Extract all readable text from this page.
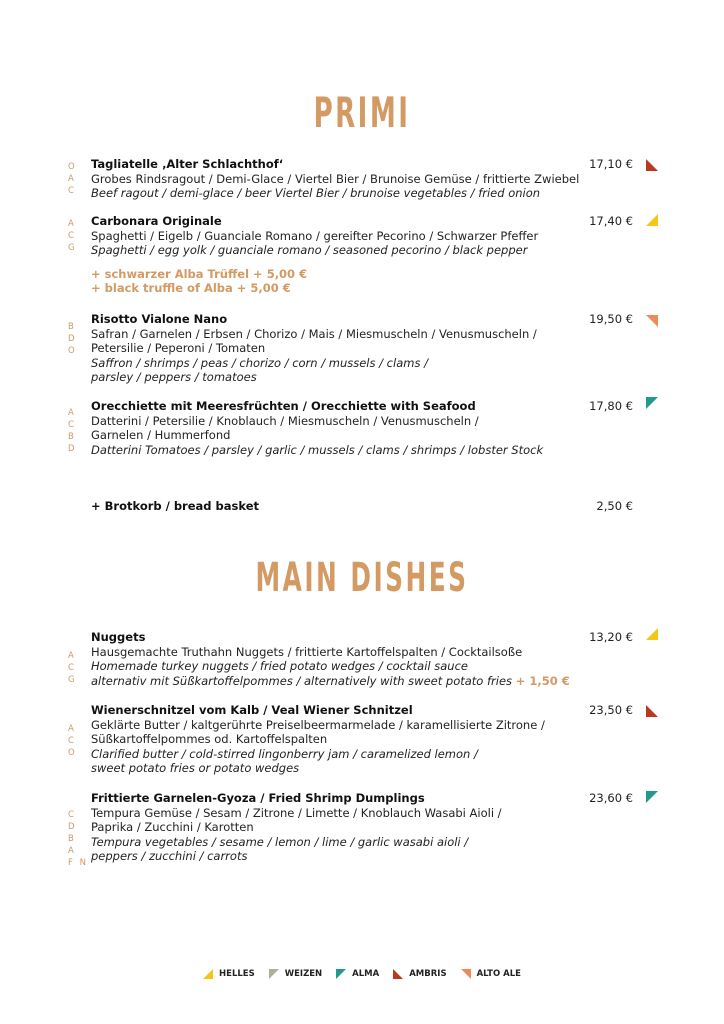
PRIMI
O A
C
Tagliatelle ‚Alter Schlachthof‘
Grobes Rindsragout / Demi-Glace / Viertel Bier / Brunoise Gemüse / frittierte Zwiebel
Beef ragout / demi-glace / beer Viertel Bier / brunoise vegetables / fried onion
17,10 €
A C
G
Carbonara Originale
Spaghetti / Eigelb / Guanciale Romano / gereifter Pecorino / Schwarzer Pfeffer
Spaghetti / egg yolk / guanciale romano / seasoned pecorino / black pepper
+ schwarzer Alba Trüffel + 5,00 €
+ black truffle of Alba + 5,00 €
17,40 €
B D
O
Risotto Vialone Nano
Safran / Garnelen / Erbsen / Chorizo / Mais / Miesmuscheln / Venusmuscheln /
Petersilie / Peperoni / Tomaten
Saffron / shrimps / peas / chorizo / corn / mussels / clams /
parsley / peppers / tomatoes
19,50 €
A C
B D
Orecchiette mit Meeresfrüchten / Orecchiette with Seafood
Datterini / Petersilie / Knoblauch / Miesmuscheln / Venusmuscheln /
Garnelen / Hummerfond
Datterini Tomatoes / parsley / garlic / mussels / clams / shrimps / lobster Stock
17,80 €
+ Brotkorb / bread basket	2,50 €
MAIN DISHES
A C
G
Nuggets
Hausgemachte Truthahn Nuggets / frittierte Kartoffelspalten / Cocktailsoße
Homemade turkey nuggets / fried potato wedges / cocktail sauce
alternativ mit Süßkartoffelpommes / alternatively with sweet potato fries + 1,50 €
13,20 €
A C
O
Wienerschnitzel vom Kalb / Veal Wiener Schnitzel
Geklärte Butter / kaltgerührte Preiselbeermarmelade / karamellisierte Zitrone /
Süßkartoffelpommes od. Kartoffelspalten
Clarified butter / cold-stirred lingonberry jam / caramelized lemon /
sweet potato fries or potato wedges
23,50 €
C D
B A
F N
Frittierte Garnelen-Gyoza / Fried Shrimp Dumplings
Tempura Gemüse / Sesam / Zitrone / Limette / Knoblauch Wasabi Aioli /
Paprika / Zucchini / Karotten
Tempura vegetables / sesame / lemon / lime / garlic wasabi aioli /
peppers / zucchini / carrots
23,60 €
HELLES	WEIZEN	ALMA	AMBRIS	ALTO ALE
